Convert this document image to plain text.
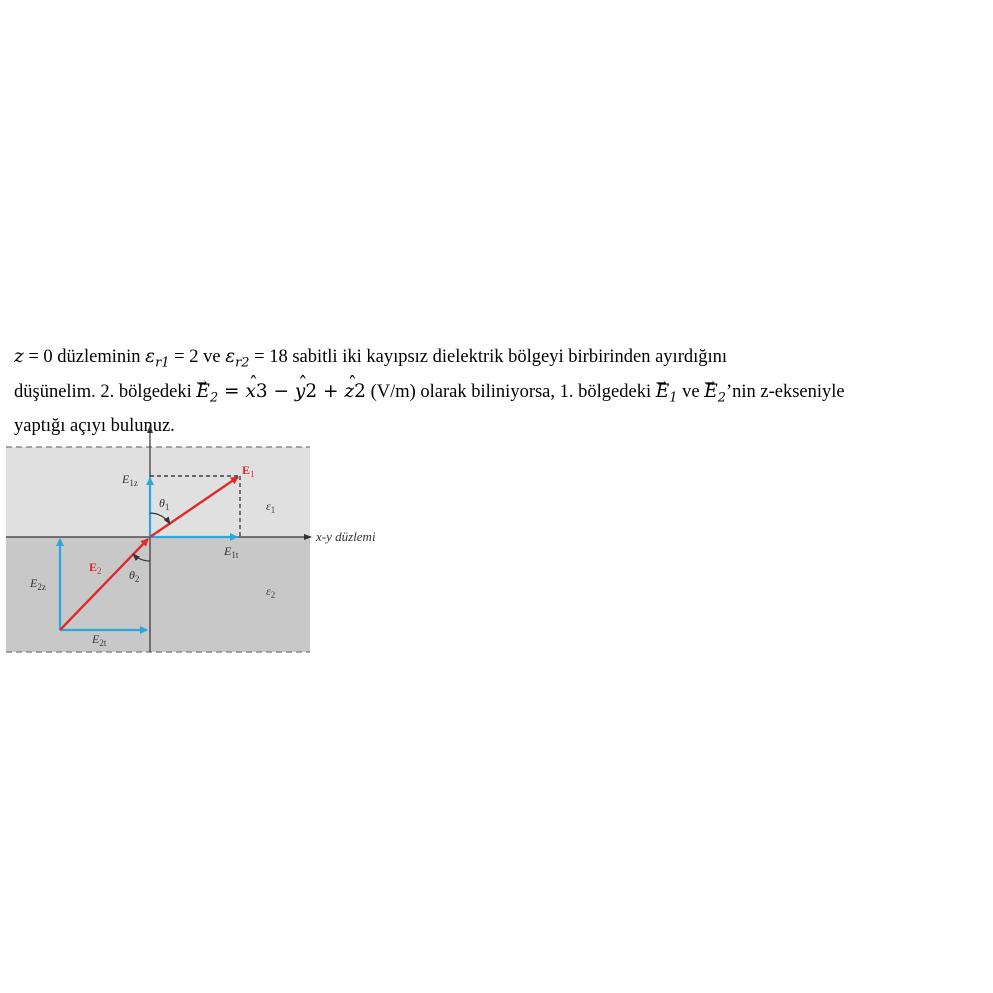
z = 0 düzleminin $\varepsilon_{r1} = 2$ ve $\varepsilon_{r2} = 18$ sabitli iki kayıpsız dielektrik bölgeyi birbirinden ayırdığını
düşünelim. 2. bölgedeki → $E_2$ = ˆ x3 − ˆ y2 + ˆ z2 (V/m) olarak biliniyorsa, 1. bölgedeki → $E_1$ ve → $E_2’nin$ z-ekseniyle
yaptığı açıyı bulunuz.
$E_1$
$E_2$
$E_{1z}$
$E_{1t}$
$E_{2z}$
$E_{2t}$
$\theta_1$
$\theta_2$
$\varepsilon_1$
$\varepsilon_2$
x-y düzlemi
